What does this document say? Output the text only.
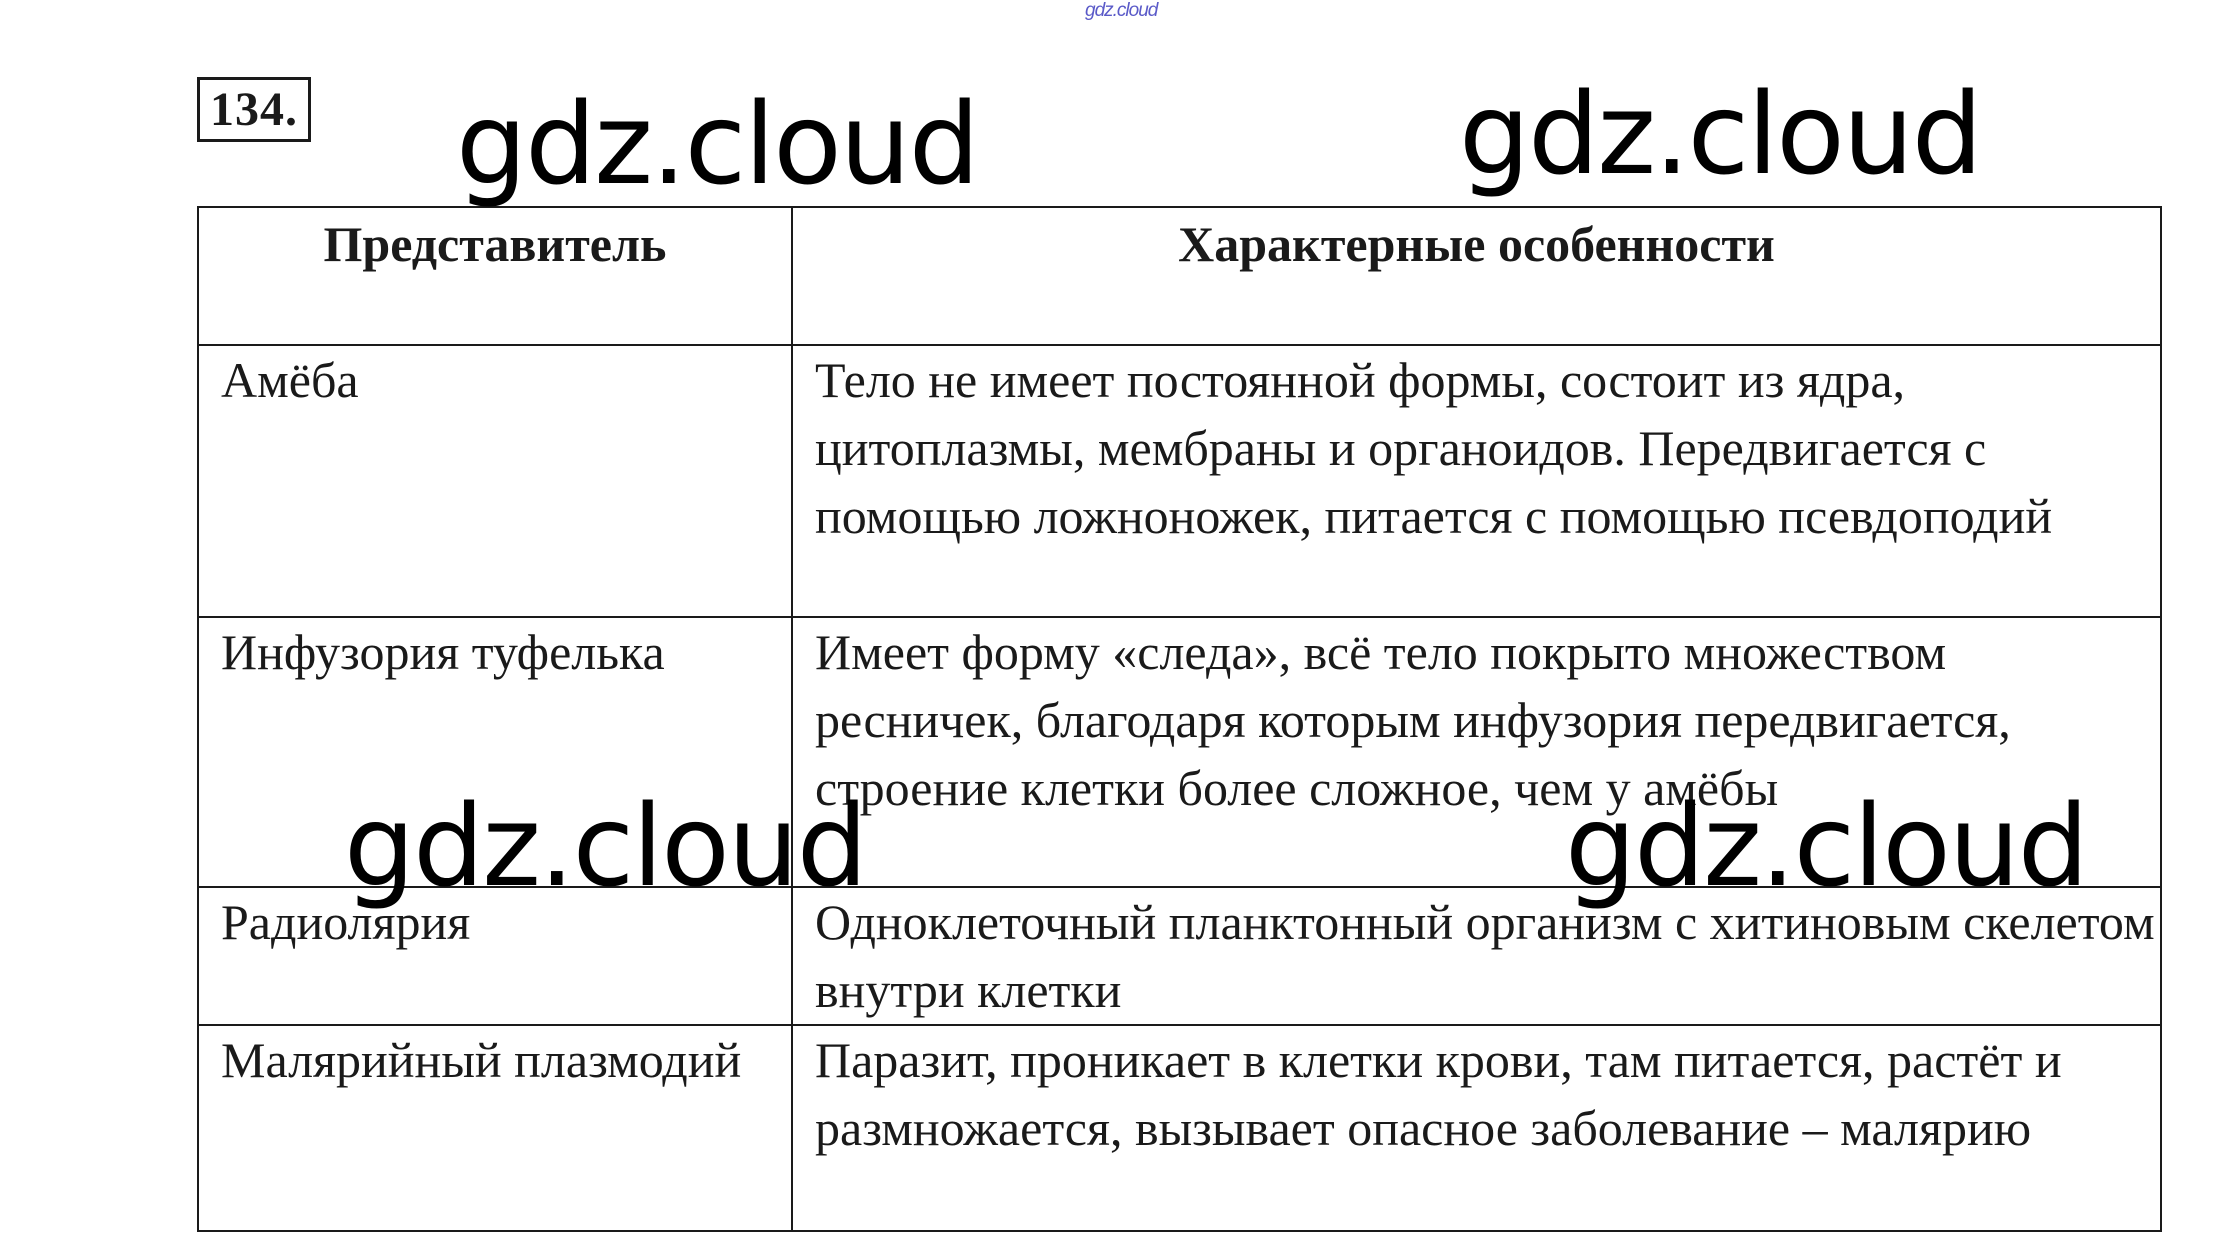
gdz.cloud
134. gdz.cloud	gdz.cloud
gdz.cloud	gdz.cloud
Представитель	Характерные особенности
Амёба	Тело не имеет постоянной формы, состоит из ядра, цитоплазмы, мембраны и органоидов. Передвигается с помощью ложноножек, питается с помощью псевдоподий
Инфузория туфелька	Имеет форму «следа», всё тело покрыто множеством ресничек, благодаря которым инфузория передвигается, строение клетки более сложное, чем у амёбы
Радиолярия	Одноклеточный планктонный организм с хитиновым скелетом внутри клетки
Малярийный плазмодий	Паразит, проникает в клетки крови, там питается, растёт и размножается, вызывает опасное заболевание – малярию
